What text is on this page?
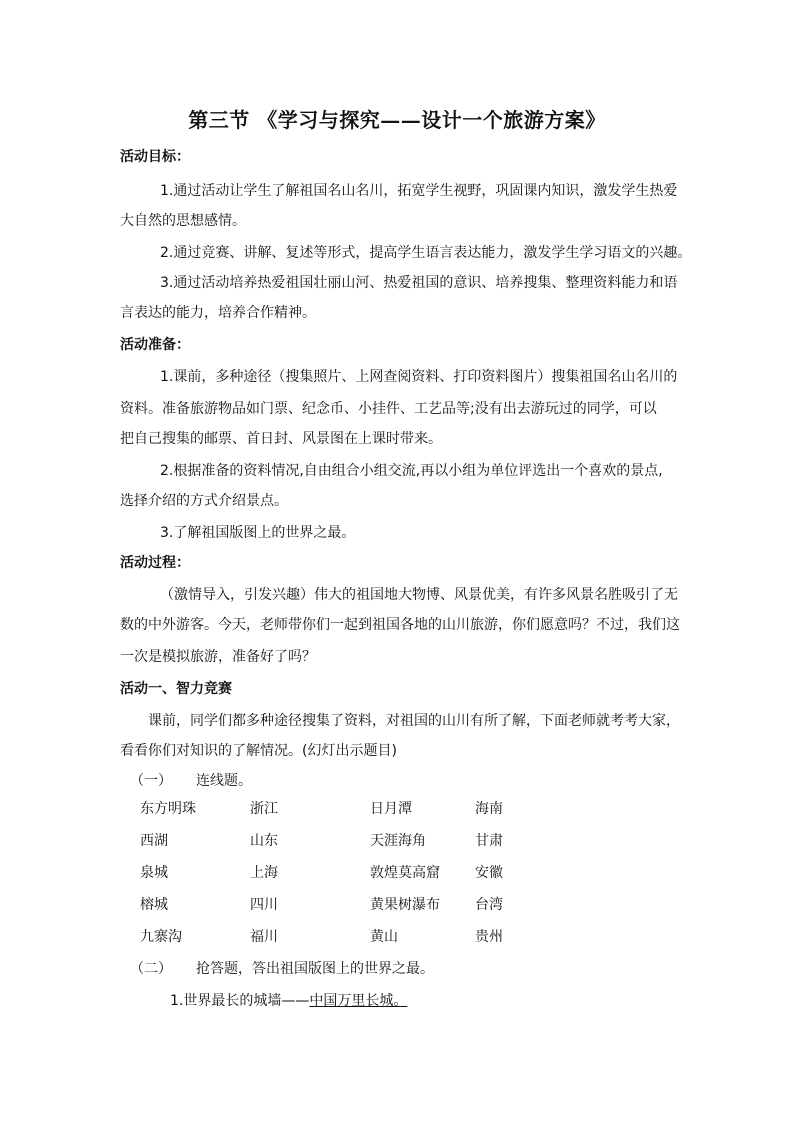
第三节 《学习与探究——设计一个旅游方案》
活动目标：
1.通过活动让学生了解祖国名山名川，拓宽学生视野，巩固课内知识，激发学生热爱
大自然的思想感情。
2.通过竞赛、讲解、复述等形式，提高学生语言表达能力，激发学生学习语文的兴趣。
3.通过活动培养热爱祖国壮丽山河、热爱祖国的意识、培养搜集、整理资料能力和语
言表达的能力，培养合作精神。
活动准备：
1.课前，多种途径（搜集照片、上网查阅资料、打印资料图片）搜集祖国名山名川的
资料。准备旅游物品如门票、纪念币、小挂件、工艺品等;没有出去游玩过的同学，可以
把自己搜集的邮票、首日封、风景图在上课时带来。
2.根据准备的资料情况,自由组合小组交流,再以小组为单位评选出一个喜欢的景点,
选择介绍的方式介绍景点。
3.了解祖国版图上的世界之最。
活动过程：
（激情导入，引发兴趣）伟大的祖国地大物博、风景优美，有许多风景名胜吸引了无
数的中外游客。今天，老师带你们一起到祖国各地的山川旅游，你们愿意吗？不过，我们这
一次是模拟旅游，准备好了吗？
活动一、智力竞赛
课前，同学们都多种途径搜集了资料，对祖国的山川有所了解，下面老师就考考大家，
看看你们对知识的了解情况。(幻灯出示题目)
（一） 连线题。
东方明珠	浙江	日月潭	海南
西湖	山东	天涯海角	甘肃
泉城	上海	敦煌莫高窟	安徽
榕城	四川	黄果树瀑布	台湾
九寨沟	福川	黄山	贵州
（二） 抢答题，答出祖国版图上的世界之最。
1.世界最长的城墙——中国万里长城。
